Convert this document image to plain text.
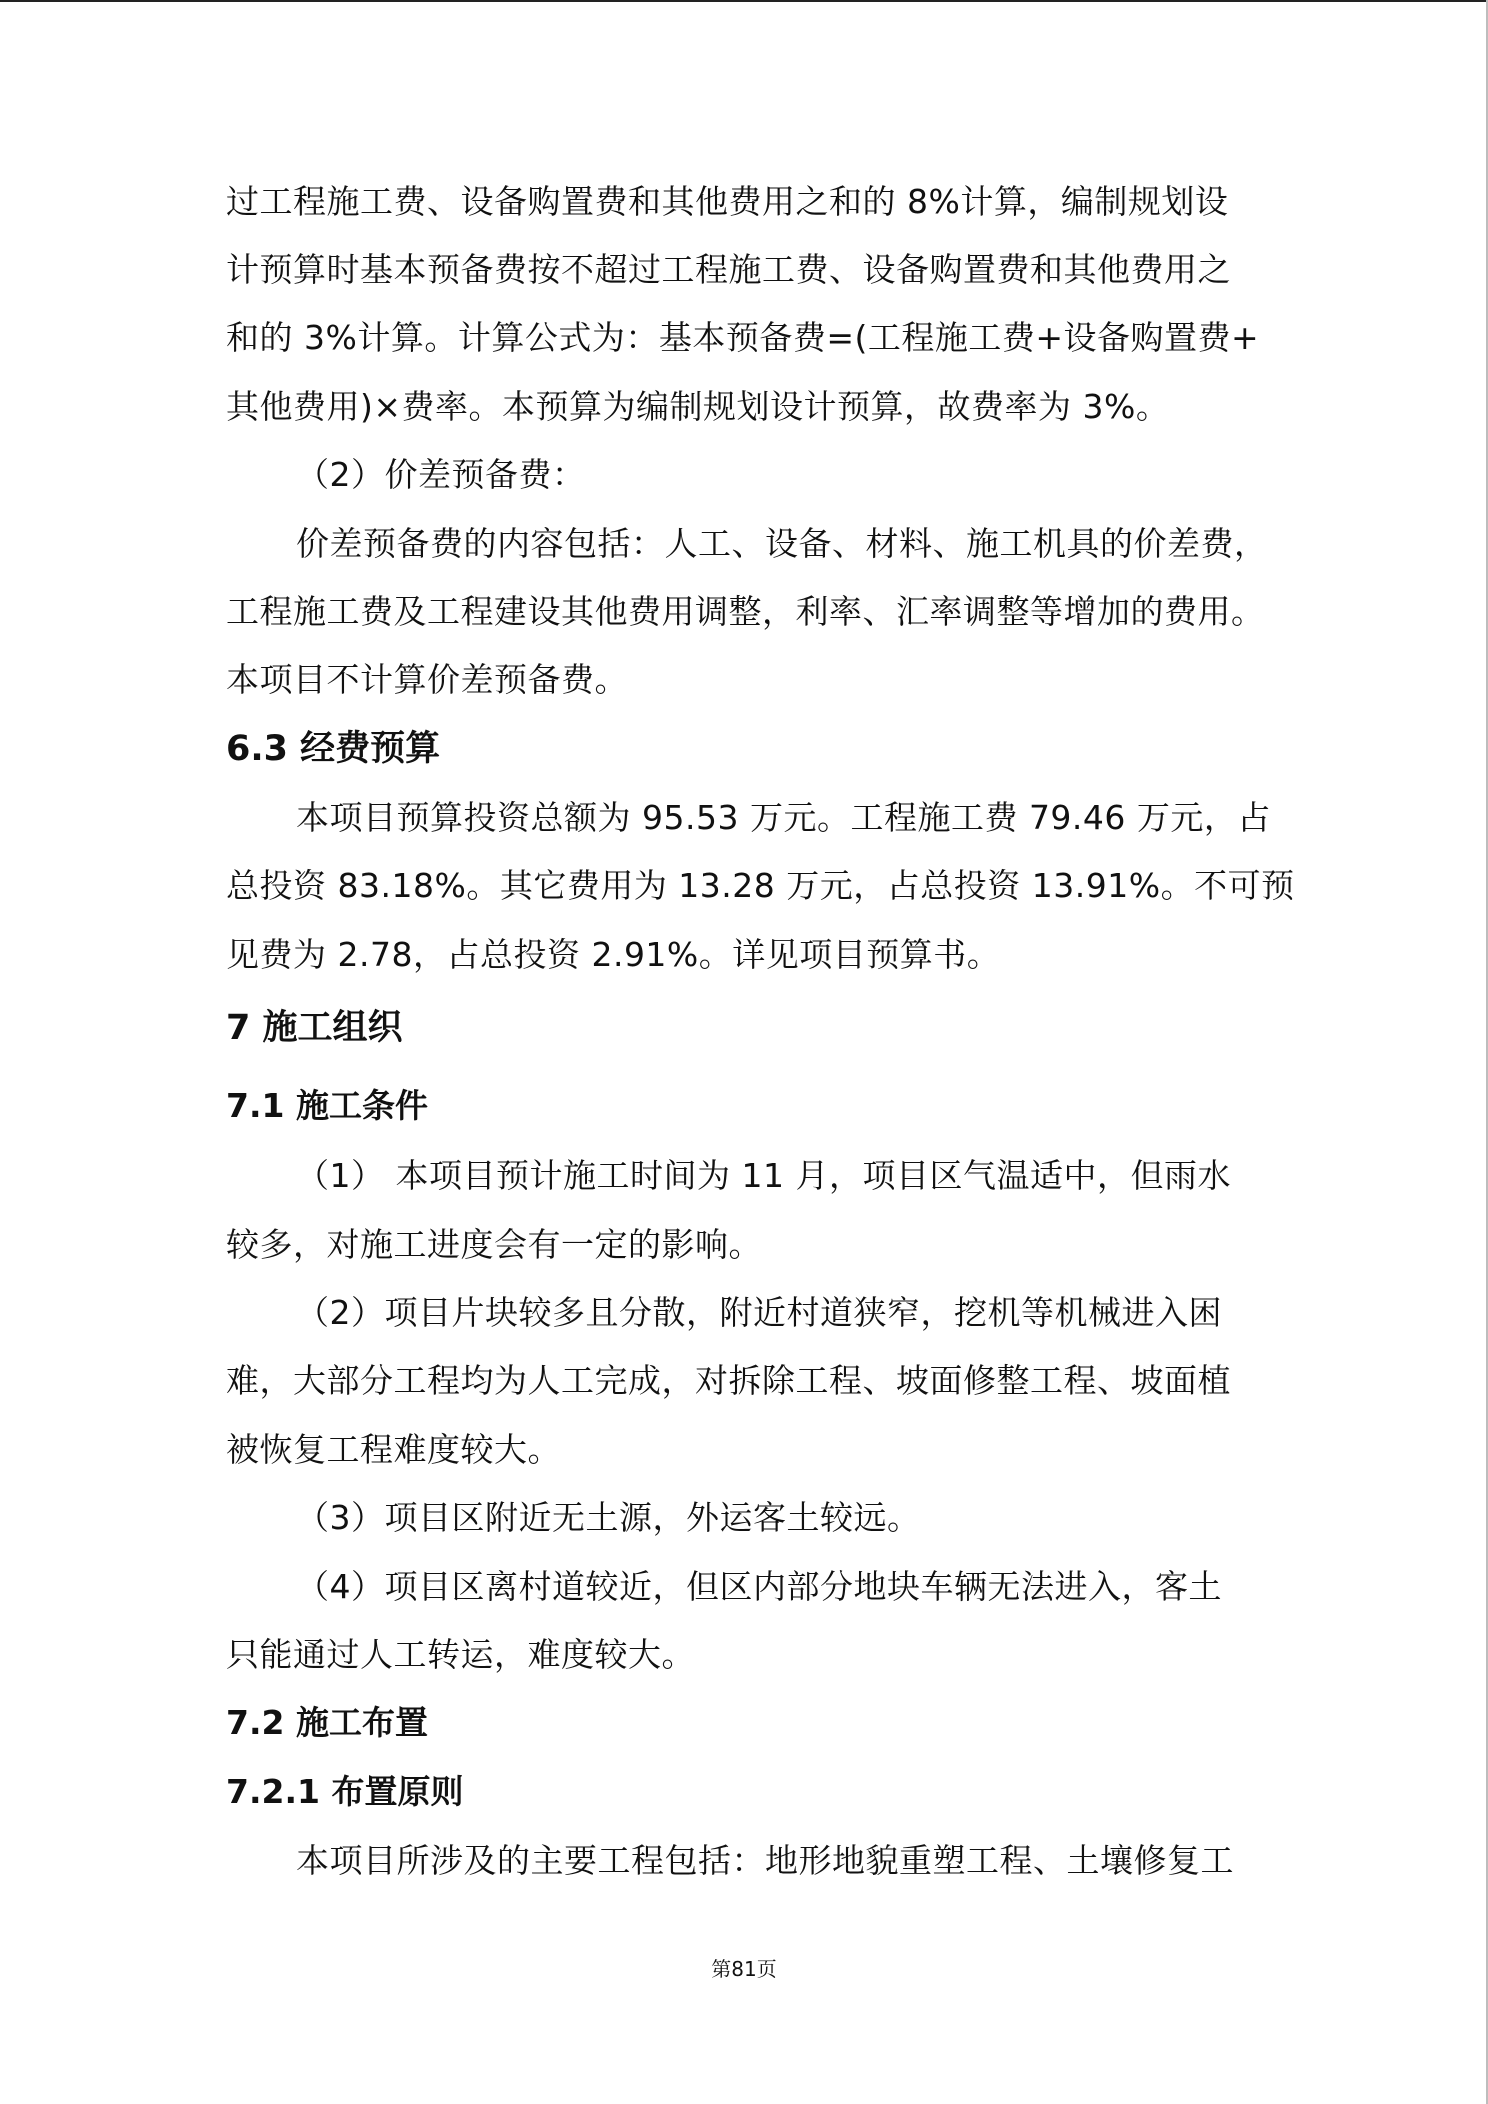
过工程施工费、设备购置费和其他费用之和的 8%计算，编制规划设

计预算时基本预备费按不超过工程施工费、设备购置费和其他费用之

和的 3%计算。计算公式为：基本预备费=(工程施工费+设备购置费+

其他费用)×费率。本预算为编制规划设计预算，故费率为 3%。

（2）价差预备费：

价差预备费的内容包括：人工、设备、材料、施工机具的价差费，

工程施工费及工程建设其他费用调整，利率、汇率调整等增加的费用。

本项目不计算价差预备费。

6.3 经费预算

本项目预算投资总额为 95.53 万元。工程施工费 79.46 万元，占

总投资 83.18%。其它费用为 13.28 万元，占总投资 13.91%。不可预

见费为 2.78，占总投资 2.91%。详见项目预算书。

7 施工组织
7.1 施工条件

（1） 本项目预计施工时间为 11 月，项目区气温适中，但雨水

较多，对施工进度会有一定的影响。

（2）项目片块较多且分散，附近村道狭窄，挖机等机械进入困

难，大部分工程均为人工完成，对拆除工程、坡面修整工程、坡面植

被恢复工程难度较大。

（3）项目区附近无土源，外运客土较远。

（4）项目区离村道较近，但区内部分地块车辆无法进入，客土

只能通过人工转运，难度较大。

7.2 施工布置
7.2.1 布置原则

本项目所涉及的主要工程包括：地形地貌重塑工程、土壤修复工

第81页
